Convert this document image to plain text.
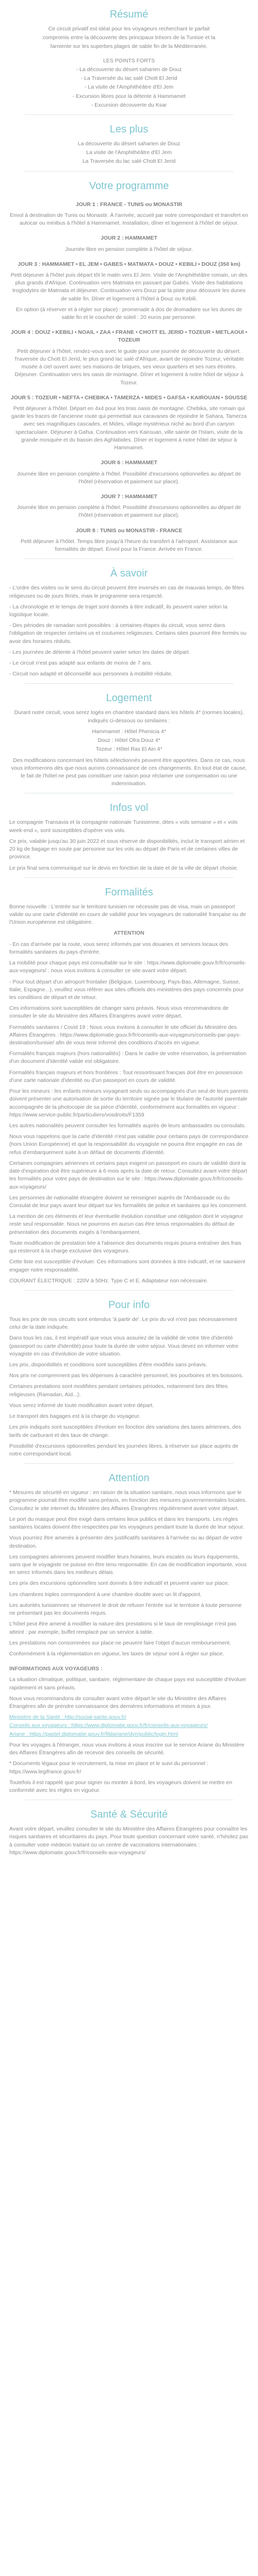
Résumé

Ce circuit privatif est idéal pour les voyageurs recherchant le parfait

compromis entre la découverte des principaux trésors de la Tunisie et la

farniente sur les superbes plages de sable fin de la Méditerranée.

LES POINTS FORTS

- La découverte du désert saharien de Douz
- La Traversée du lac salé Chott El Jerid
- La visite de l'Amphithéâtre d'El Jem
- Excursion libres pour la détente à Hammamet
- Excursion découverte du Ksar
Les plus
La découverte du désert saharien de Douz
La visite de l'Amphithéâtre d'El Jem
La Traversée du lac salé Chott El Jerid
Votre programme
JOUR 1 : FRANCE - TUNIS ou MONASTIR

Envol à destination de Tunis ou Monastir. À l'arrivée, accueil par notre correspondant et transfert en autocar ou minibus à l'hôtel à Hammamet. Installation, dîner et logement à l'hôtel de séjour.

JOUR 2 : HAMMAMET

Journée libre en pension complète à l'hôtel de séjour.

JOUR 3 : HAMMAMET • EL JEM • GABES • MATMATA • DOUZ • KEBILI • DOUZ (350 km)

Petit déjeuner à l'hôtel puis départ tôt le matin vers El Jem. Visite de l'Amphithéâtre romain, un des plus grands d'Afrique. Continuation vers Matmata en passant par Gabès. Visite des habitations troglodytes de Matmata et déjeuner. Continuation vers Douz par la piste pour découvrir les dunes de sable fin. Dîner et logement à l'hôtel à Douz ou Kebili.

En option (à réserver et à régler sur place) : promenade à dos de dromadaire sur les dunes de sable fin et le coucher de soleil : 20 euros par personne.

JOUR 4 : DOUZ • KEBILI • NOAIL • ZAA • FRANE • CHOTT EL JERID • TOZEUR • METLAOUI • TOZEUR

Petit déjeuner à l'hôtel, rendez-vous avec le guide pour une journée de découverte du désert. Traversée du Chott El Jerid, le plus grand lac salé d'Afrique, avant de rejoindre Tozeur, véritable musée à ciel ouvert avec ses maisons de briques, ses vieux quartiers et ses rues étroites. Déjeuner. Continuation vers les oasis de montagne. Dîner et logement à notre hôtel de séjour à Tozeur.

JOUR 5 : TOZEUR • NEFTA • CHEBIKA • TAMERZA • MIDES • GAFSA • KAIROUAN • SOUSSE

Petit déjeuner à l'hôtel. Départ en 4x4 pour les trois oasis de montagne. Chebika, site romain qui garde les traces de l'ancienne route qui permettait aux caravanes de rejoindre le Sahara, Tamerza avec ses magnifiques cascades, et Mides, village mystérieux niché au bord d'un canyon spectaculaire. Déjeuner à Gafsa. Continuation vers Kairouan, ville sainte de l'Islam, visite de la grande mosquée et du bassin des Aghlabides. Dîner et logement à notre hôtel de séjour à Hammamet.

JOUR 6 : HAMMAMET

Journée libre en pension complète à l'hôtel. Possibilité d'excursions optionnelles au départ de l'hôtel (réservation et paiement sur place).

JOUR 7 : HAMMAMET

Journée libre en pension complète à l'hôtel. Possibilité d'excursions optionnelles au départ de l'hôtel (réservation et paiement sur place).

JOUR 8 : TUNIS ou MONASTIR - FRANCE

Petit déjeuner à l'hôtel. Temps libre jusqu'à l'heure du transfert à l'aéroport. Assistance aux formalités de départ. Envol pour la France. Arrivée en France.

À savoir

- L'ordre des visites ou le sens du circuit peuvent être inversés en cas de mauvais temps, de fêtes religieuses ou de jours fériés, mais le programme sera respecté.

- La chronologie et le temps de trajet sont donnés à titre indicatif, ils peuvent varier selon la logistique locale.

- Des périodes de ramadan sont possibles : à certaines étapes du circuit, vous serez dans l'obligation de respecter certains us et coutumes religieuses. Certains sites pourront être fermés ou avoir des horaires réduits.

- Les journées de détente à l'hôtel peuvent varier selon les dates de départ.

- Le circuit n'est pas adapté aux enfants de moins de 7 ans.

- Circuit non adapté et déconseillé aux personnes à mobilité réduite.

Logement

Durant notre circuit, vous serez logés en chambre standard dans les hôtels 4* (normes locales), indiqués ci-dessous ou similaires :

Hammamet : Hôtel Phenicia 4*
Douz : Hôtel Ofra Douz 4*
Tozeur : Hôtel Ras El Ain 4*

Des modifications concernant les hôtels sélectionnés peuvent être apportées. Dans ce cas, nous vous informerons dès que nous aurons connaissance de ces changements. En tout état de cause, le fait de l'hôtel ne peut pas constituer une raison pour réclamer une compensation ou une indemnisation.

Infos vol

Le compagnie Transavia et la compagnie nationale Tunisienne, dites « vols semaine » et « vols week-end », sont susceptibles d'opérer vos vols.

Ce prix, valable jusqu'au 30 juin 2022 et sous réserve de disponibilités, inclut le transport aérien et 20 kg de bagage en soute par personne sur les vols au départ de Paris et de certaines villes de province.

Le prix final sera communiqué sur le devis en fonction de la date et de la ville de départ choisie.

Formalités

Bonne nouvelle : L'entrée sur le territoire tunisien ne nécessite pas de visa, mais un passeport valide ou une carte d'identité en cours de validité pour les voyageurs de nationalité française ou de l'Union européenne est obligatoire.

ATTENTION

- En cas d'arrivée par la route, vous serez informés par vos douanes et services locaux des formalités sanitaires du pays d'entrée.

La mobilité pour chaque pays est consultable sur le site : https://www.diplomatie.gouv.fr/fr/conseils-aux-voyageurs/ : nous vous invitons à consulter ce site avant votre départ.

- Pour tout départ d'un aéroport frontalier (Belgique, Luxembourg, Pays-Bas, Allemagne, Suisse, Italie, Espagne...), veuillez vous référer aux sites officiels des ministères des pays concernés pour les conditions de départ et de retour.

Ces informations sont susceptibles de changer sans préavis. Nous vous recommandons de consulter le site du Ministère des Affaires Étrangères avant votre départ.

Formalités sanitaires / Covid 19 : Nous vous invitons à consulter le site officiel du Ministère des Affaires Étrangères : https://www.diplomatie.gouv.fr/fr/conseils-aux-voyageurs/conseils-par-pays-destination/tunisie/ afin de vous tenir informé des conditions d'accès en vigueur.

Formalités français majeurs (hors nationalités) : Dans le cadre de votre réservation, la présentation d'un document d'identité valide est obligatoire.

Formalités français majeurs et hors frontières : Tout ressortissant français doit être en possession d'une carte nationale d'identité ou d'un passeport en cours de validité.

Pour les mineurs : les enfants mineurs voyageant seuls ou accompagnés d'un seul de leurs parents doivent présenter une autorisation de sortie du territoire signée par le titulaire de l'autorité parentale accompagnée de la photocopie de sa pièce d'identité, conformément aux formalités en vigueur : https://www.service-public.fr/particuliers/vosdroits/F1359

Les autres nationalités peuvent consulter les formalités auprès de leurs ambassades ou consulats.

Nous vous rappelons que la carte d'identité n'est pas valable pour certains pays de correspondance (hors Union Européenne) et que la responsabilité du voyagiste ne pourra être engagée en cas de refus d'embarquement suite à un défaut de documents d'identité.

Certaines compagnies aériennes et certains pays exigent un passeport en cours de validité dont la date d'expiration doit être supérieure à 6 mois après la date de retour. Consultez avant votre départ les formalités pour votre pays de destination sur le site : https://www.diplomatie.gouv.fr/fr/conseils-aux-voyageurs/

Les personnes de nationalité étrangère doivent se renseigner auprès de l'Ambassade ou du Consulat de leur pays avant leur départ sur les formalités de police et sanitaires qui les concernent.

La mention de ces éléments et leur éventuelle évolution constitue une obligation dont le voyageur reste seul responsable. Nous ne pourrons en aucun cas être tenus responsables du défaut de présentation des documents exigés à l'embarquement.

Toute modification de prestation liée à l'absence des documents requis pourra entraîner des frais qui resteront à la charge exclusive des voyageurs.

Cette liste est susceptible d'évoluer. Ces informations sont données à titre indicatif, et ne sauraient engager notre responsabilité.

COURANT ÉLECTRIQUE : 220V à 50Hz. Type C et E. Adaptateur non nécessaire.

Pour info

Tous les prix de nos circuits sont entendus 'à partir de'. Le prix du vol n'est pas nécessairement celui de la date indiquée.

Dans tous les cas, il est impératif que vous vous assuriez de la validité de votre titre d'identité (passeport ou carte d'identité) pour toute la durée de votre séjour. Vous devez en informer votre voyagiste en cas d'évolution de votre situation.

Les prix, disponibilités et conditions sont susceptibles d'être modifiés sans préavis.

Nos prix ne comprennent pas les dépenses à caractère personnel, les pourboires et les boissons.

Certaines prestations sont modifiées pendant certaines périodes, notamment lors des fêtes religieuses (Ramadan, Aïd...).

Vous serez informé de toute modification avant votre départ.

Le transport des bagages est à la charge du voyageur.

Les prix indiqués sont susceptibles d'évoluer en fonction des variations des taxes aériennes, des tarifs de carburant et des taux de change.

Possibilité d'excursions optionnelles pendant les journées libres, à réserver sur place auprès de notre correspondant local.

Attention

* Mesures de sécurité en vigueur : en raison de la situation sanitaire, nous vous informons que le programme pourrait être modifié sans préavis, en fonction des mesures gouvernementales locales. Consultez le site internet du Ministère des Affaires Étrangères régulièrement avant votre départ.

Le port du masque peut être exigé dans certains lieux publics et dans les transports. Les règles sanitaires locales doivent être respectées par les voyageurs pendant toute la durée de leur séjour.

Vous pourriez être amenés à présenter des justificatifs sanitaires à l'arrivée ou au départ de votre destination.

Les compagnies aériennes peuvent modifier leurs horaires, leurs escales ou leurs équipements, sans que le voyagiste ne puisse en être tenu responsable. En cas de modification importante, vous en serez informés dans les meilleurs délais.

Les prix des excursions optionnelles sont donnés à titre indicatif et peuvent varier sur place.

Les chambres triples correspondent à une chambre double avec un lit d'appoint.

Les autorités tunisiennes se réservent le droit de refuser l'entrée sur le territoire à toute personne ne présentant pas les documents requis.

L'hôtel peut être amené à modifier la nature des prestations si le taux de remplissage n'est pas atteint : par exemple, buffet remplacé par un service à table.

Les prestations non consommées sur place ne peuvent faire l'objet d'aucun remboursement.

Conformément à la réglementation en vigueur, les taxes de séjour sont à régler sur place.

INFORMATIONS AUX VOYAGEURS :

La situation climatique, politique, sanitaire, réglementaire de chaque pays est susceptible d'évoluer rapidement et sans préavis.

Nous vous recommandons de consulter avant votre départ le site du Ministère des Affaires Étrangères afin de prendre connaissance des dernières informations et mises à jour.

Ministère de la Santé : http://social-sante.gouv.fr/

Conseils aux voyageurs : https://www.diplomatie.gouv.fr/fr/conseils-aux-voyageurs/

Ariane : https://pastel.diplomatie.gouv.fr/fildariane/dyn/public/login.html

Pour les voyages à l'étranger, nous vous invitons à vous inscrire sur le service Ariane du Ministère des Affaires Étrangères afin de recevoir des conseils de sécurité.

* Documents légaux pour le recrutement, la mise en place et le suivi du personnel : https://www.legifrance.gouv.fr/

Toutefois il est rappelé que pour signer ou monter à bord, les voyageurs doivent se mettre en conformité avec les règles en vigueur.

Santé & Sécurité

Avant votre départ, veuillez consulter le site du Ministère des Affaires Étrangères pour connaître les risques sanitaires et sécuritaires du pays. Pour toute question concernant votre santé, n'hésitez pas à consulter votre médecin traitant ou un centre de vaccinations internationales : https://www.diplomatie.gouv.fr/fr/conseils-aux-voyageurs/
